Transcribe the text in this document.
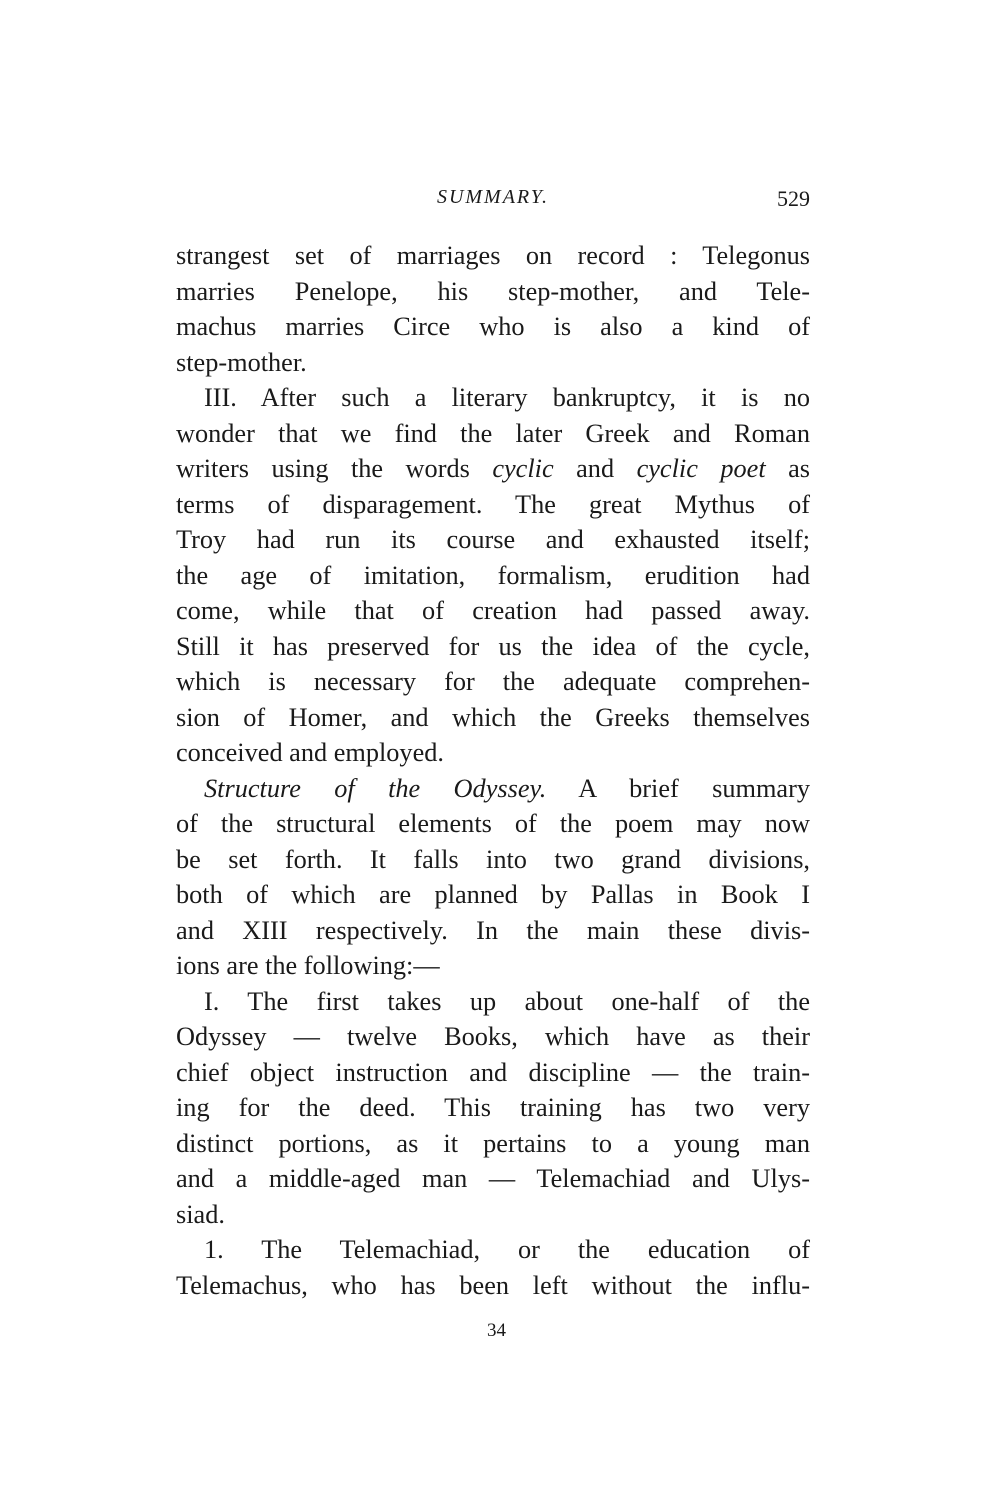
SUMMARY.	529
strangest set of marriages on record : Telegonus
marries Penelope, his step-mother, and Tele-
machus marries Circe who is also a kind of
step-mother.
III. After such a literary bankruptcy, it is no
wonder that we find the later Greek and Roman
writers using the words cyclic and cyclic poet as
terms of disparagement. The great Mythus of
Troy had run its course and exhausted itself;
the age of imitation, formalism, erudition had
come, while that of creation had passed away.
Still it has preserved for us the idea of the cycle,
which is necessary for the adequate comprehen-
sion of Homer, and which the Greeks themselves
conceived and employed.
Structure of the Odyssey. A brief summary
of the structural elements of the poem may now
be set forth. It falls into two grand divisions,
both of which are planned by Pallas in Book I
and XIII respectively. In the main these divis-
ions are the following:—
I. The first takes up about one-half of the
Odyssey — twelve Books, which have as their
chief object instruction and discipline — the train-
ing for the deed. This training has two very
distinct portions, as it pertains to a young man
and a middle-aged man — Telemachiad and Ulys-
siad.
1. The Telemachiad, or the education of
Telemachus, who has been left without the influ-
34
